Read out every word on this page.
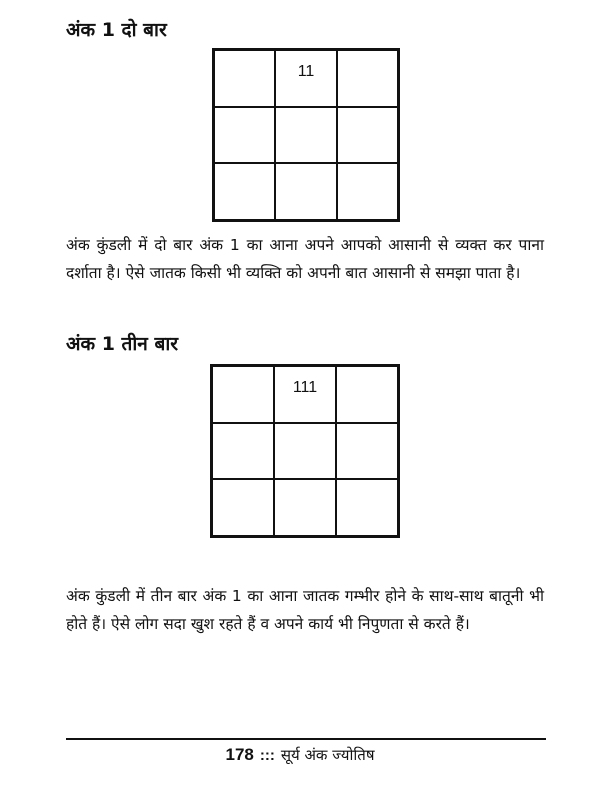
अंक 1 दो बार
11

अंक कुंडली में दो बार अंक 1 का आना अपने आपको आसानी से व्यक्त कर पाना दर्शाता है। ऐसे जातक किसी भी व्यक्ति को अपनी बात आसानी से समझा पाता है।

अंक 1 तीन बार
111

अंक कुंडली में तीन बार अंक 1 का आना जातक गम्भीर होने के साथ-साथ बातूनी भी होते हैं। ऐसे लोग सदा खुश रहते हैं व अपने कार्य भी निपुणता से करते हैं।

178 ::: सूर्य अंक ज्योतिष
